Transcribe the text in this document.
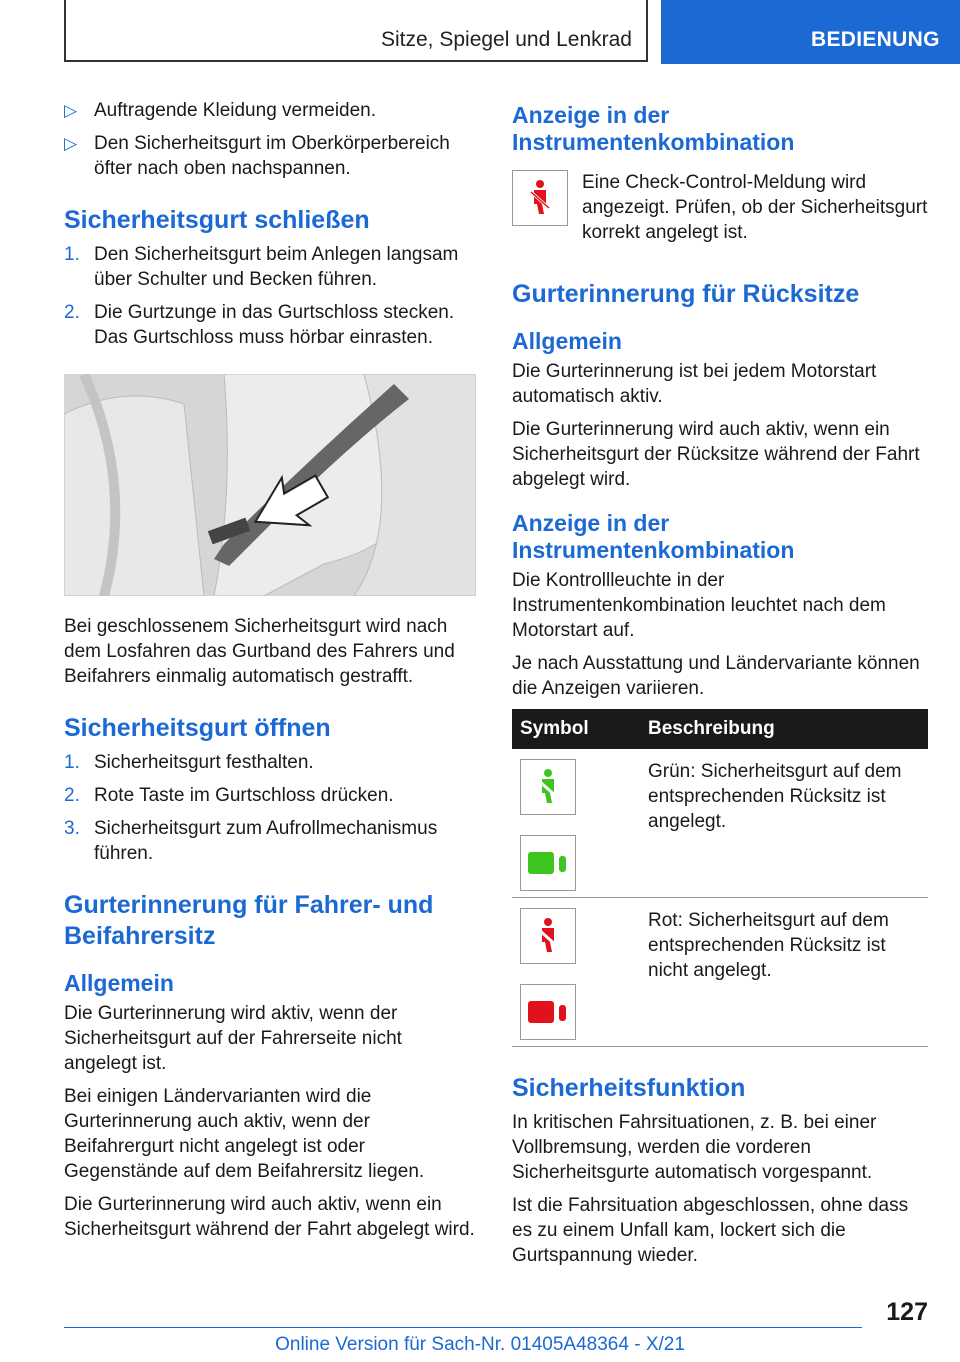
Sitze, Spiegel und Lenkrad	BEDIENUNG
▷ Auftragende Kleidung vermeiden.
▷ Den Sicherheitsgurt im Oberkörperbereich öfter nach oben nachspannen.
Sicherheitsgurt schließen
1. Den Sicherheitsgurt beim Anlegen langsam über Schulter und Becken führen.
2. Die Gurtzunge in das Gurtschloss stecken. Das Gurtschloss muss hörbar einrasten.

Bei geschlossenem Sicherheitsgurt wird nach dem Losfahren das Gurtband des Fahrers und Beifahrers einmalig automatisch gestrafft.

Sicherheitsgurt öffnen
1. Sicherheitsgurt festhalten.
2. Rote Taste im Gurtschloss drücken.
3. Sicherheitsgurt zum Aufrollmechanismus führen.
Gurterinnerung für Fahrer- und Beifahrersitz
Allgemein

Die Gurterinnerung wird aktiv, wenn der Sicherheitsgurt auf der Fahrerseite nicht angelegt ist.

Bei einigen Ländervarianten wird die Gurterinnerung auch aktiv, wenn der Beifahrergurt nicht angelegt ist oder Gegenstände auf dem Beifahrersitz liegen.

Die Gurterinnerung wird auch aktiv, wenn ein Sicherheitsgurt während der Fahrt abgelegt wird.

Anzeige in der Instrumentenkombination

Eine Check-Control-Meldung wird angezeigt. Prüfen, ob der Sicherheitsgurt korrekt angelegt ist.

Gurterinnerung für Rücksitze
Allgemein

Die Gurterinnerung ist bei jedem Motorstart automatisch aktiv.

Die Gurterinnerung wird auch aktiv, wenn ein Sicherheitsgurt der Rücksitze während der Fahrt abgelegt wird.

Anzeige in der Instrumentenkombination

Die Kontrollleuchte in der Instrumentenkombination leuchtet nach dem Motorstart auf.

Je nach Ausstattung und Ländervariante können die Anzeigen variieren.

Symbol	Beschreibung

	Grün: Sicherheitsgurt auf dem entsprechenden Rücksitz ist angelegt.

	Rot: Sicherheitsgurt auf dem entsprechenden Rücksitz ist nicht angelegt.
Sicherheitsfunktion

In kritischen Fahrsituationen, z. B. bei einer Vollbremsung, werden die vorderen Sicherheitsgurte automatisch vorgespannt.

Ist die Fahrsituation abgeschlossen, ohne dass es zu einem Unfall kam, lockert sich die Gurtspannung wieder.

127
Online Version für Sach-Nr. 01405A48364 - X/21
